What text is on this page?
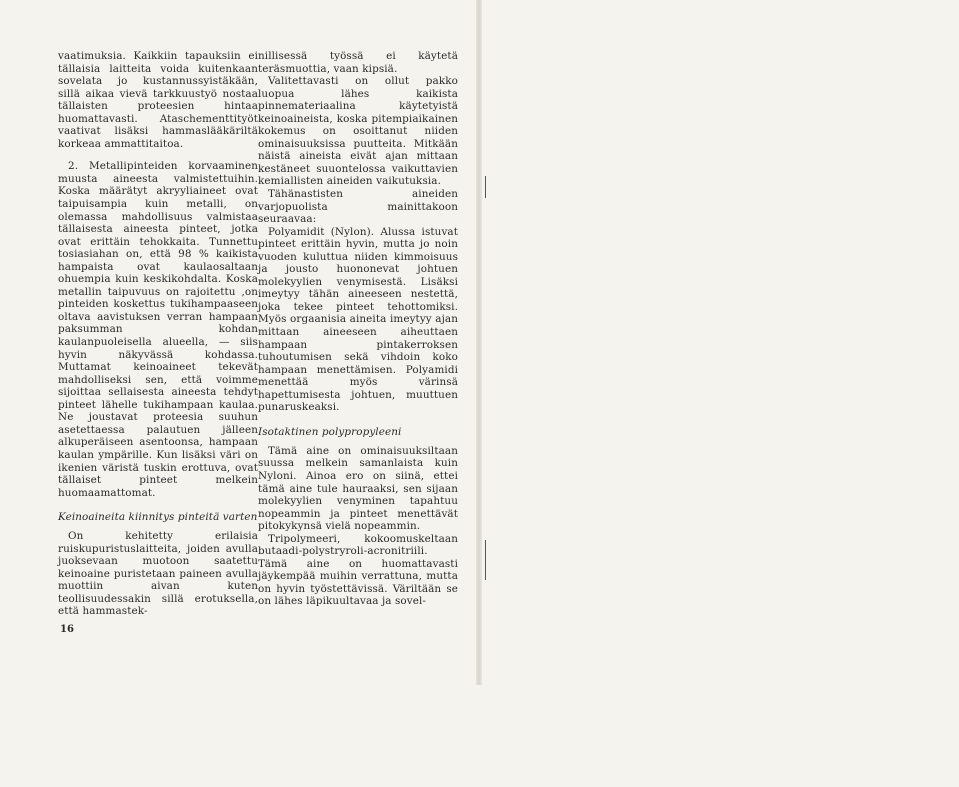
vaatimuksia. Kaikkiin tapauksiin ei tällaisia laitteita voida kuitenkaan sovelata jo kustannussyistäkään, sillä aikaa vievä tarkkuustyö nostaa tällaisten proteesien hintaa huomattavasti. Ataschementtityöt vaativat lisäksi hammaslääkäriltä korkeaa ammattitaitoa.

2. Metallipinteiden korvaaminen muusta aineesta valmistettuihin. Koska määrätyt akryyliaineet ovat taipuisampia kuin metalli, on olemassa mahdollisuus valmistaa tällaisesta aineesta pinteet, jotka ovat erittäin tehokkaita. Tunnettu tosiasiahan on, että 98 % kaikista hampaista ovat kaulaosaltaan ohuempia kuin keskikohdalta. Koska metallin taipuvuus on rajoitettu ,on pinteiden koskettus tukihampaaseen oltava aavistuksen verran hampaan paksumman kohdan kaulanpuoleisella alueella, — siis hyvin näkyvässä kohdassa. Muttamat keinoaineet tekevät mahdolliseksi sen, että voimme sijoittaa sellaisesta aineesta tehdyt pinteet lähelle tukihampaan kaulaa. Ne joustavat proteesia suuhun asetettaessa palautuen jälleen alkuperäiseen asentoonsa, hampaan kaulan ympärille. Kun lisäksi väri on ikenien väristä tuskin erottuva, ovat tällaiset pinteet melkein huomaamattomat.

Keinoaineita kiinnitys pinteitä varten

On kehitetty erilaisia ruiskupuristuslaitteita, joiden avulla juoksevaan muotoon saatettu keinoaine puristetaan paineen avulla muottiin aivan kuten teollisuudessakin sillä erotuksella, että hammastek-

nillisessä työssä ei käytetä teräsmuottia, vaan kipsiä.

Valitettavasti on ollut pakko luopua lähes kaikista pinnemateriaalina käytetyistä keinoaineista, koska pitempiaikainen kokemus on osoittanut niiden ominaisuuksissa puutteita. Mitkään näistä aineista eivät ajan mittaan kestäneet suuontelossa vaikuttavien kemiallisten aineiden vaikutuksia.

Tähänastisten aineiden varjopuolista mainittakoon seuraavaa:

Polyamidit (Nylon). Alussa istuvat pinteet erittäin hyvin, mutta jo noin vuoden kuluttua niiden kimmoisuus ja jousto huononevat johtuen molekyylien venymisestä. Lisäksi imeytyy tähän aineeseen nestettä, joka tekee pinteet tehottomiksi. Myös orgaanisia aineita imeytyy ajan mittaan aineeseen aiheuttaen hampaan pintakerroksen tuhoutumisen sekä vihdoin koko hampaan menettämisen. Polyamidi menettää myös värinsä hapettumisesta johtuen, muuttuen punaruskeaksi.

Isotaktinen polypropyleeni

Tämä aine on ominaisuuksiltaan suussa melkein samanlaista kuin Nyloni. Ainoa ero on siinä, ettei tämä aine tule hauraaksi, sen sijaan molekyylien venyminen tapahtuu nopeammin ja pinteet menettävät pitokykynsä vielä nopeammin.

Tripolymeeri, kokoomuskeltaan butaadi-polystryroli-acronitriili. Tämä aine on huomattavasti jäykempää muihin verrattuna, mutta on hyvin työstettävissä. Väriltään se on lähes läpikuultavaa ja sovel-

16
